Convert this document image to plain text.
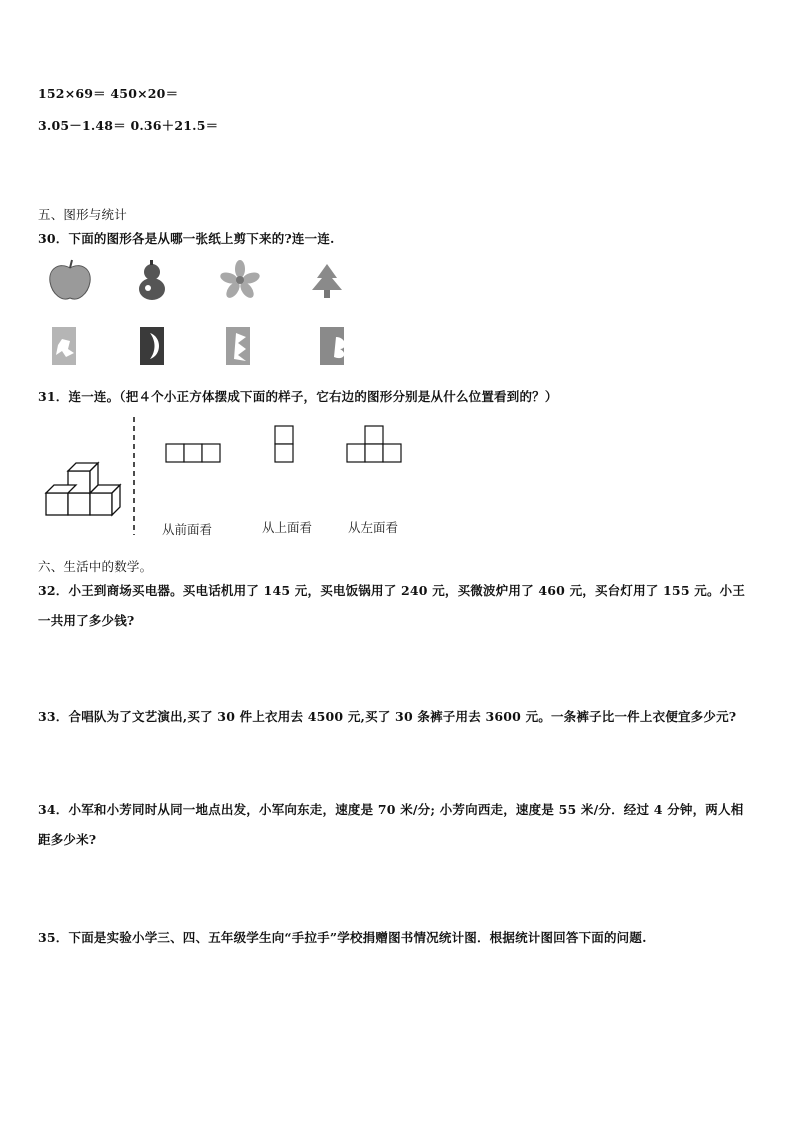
152×69＝ 450×20＝
3.05－1.48＝ 0.36＋21.5＝
五、图形与统计
30．下面的图形各是从哪一张纸上剪下来的?连一连.
31．连一连。（把４个小正方体摆成下面的样子，它右边的图形分别是从什么位置看到的？）
从前面看	从上面看	从左面看
六、生活中的数学。
32．小王到商场买电器。买电话机用了 145 元，买电饭锅用了 240 元，买微波炉用了 460 元，买台灯用了 155 元。小王一共用了多少钱?
33．合唱队为了文艺演出,买了 30 件上衣用去 4500 元,买了 30 条裤子用去 3600 元。一条裤子比一件上衣便宜多少元?
34．小军和小芳同时从同一地点出发，小军向东走，速度是 70 米/分; 小芳向西走，速度是 55 米/分．经过 4 分钟，两人相距多少米?
35．下面是实验小学三、四、五年级学生向“手拉手”学校捐赠图书情况统计图．根据统计图回答下面的问题.
